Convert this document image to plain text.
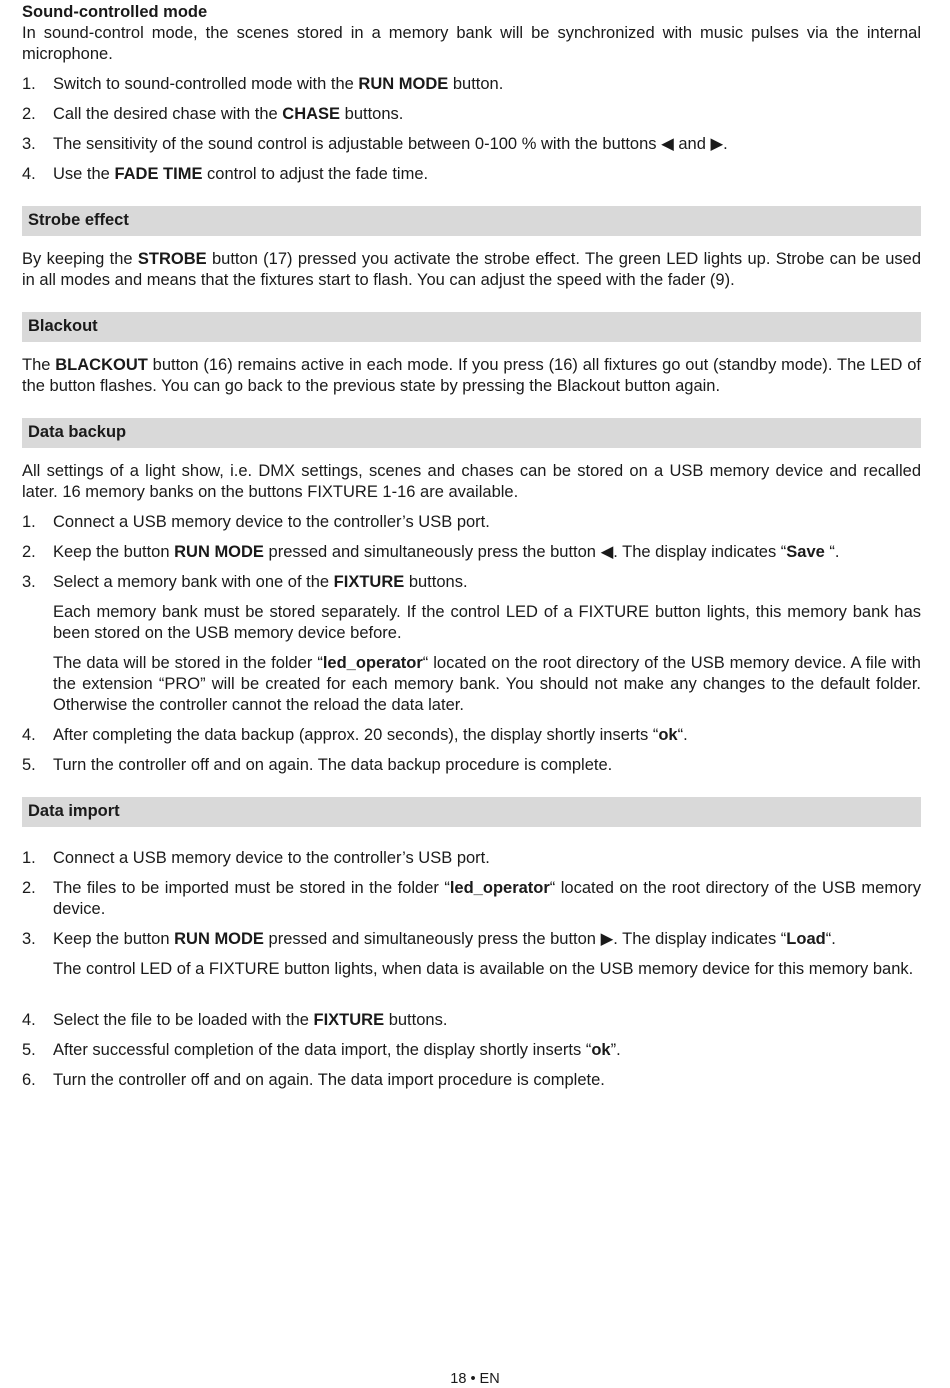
Sound-controlled mode
In sound-control mode, the scenes stored in a memory bank will be synchronized with music pulses via the internal microphone.
1.	Switch to sound-controlled mode with the RUN MODE button.
2.	Call the desired chase with the CHASE buttons.
3.	The sensitivity of the sound control is adjustable between 0-100 % with the buttons ◀ and ▶.
4.	Use the FADE TIME control to adjust the fade time.
Strobe effect
By keeping the STROBE button (17) pressed you activate the strobe effect. The green LED lights up. Strobe can be used in all modes and means that the fixtures start to flash. You can adjust the speed with the fader (9).
Blackout
The BLACKOUT button (16) remains active in each mode. If you press (16) all fixtures go out (standby mode). The LED of the button flashes. You can go back to the previous state by pressing the Blackout button again.
Data backup
All settings of a light show, i.e. DMX settings, scenes and chases can be stored on a USB memory device and recalled later. 16 memory banks on the buttons FIXTURE 1-16 are available.
1.	Connect a USB memory device to the controller’s USB port.
2.	Keep the button RUN MODE pressed and simultaneously press the button ◀. The display indicates “Save “.
3.	Select a memory bank with one of the FIXTURE buttons.
Each memory bank must be stored separately. If the control LED of a FIXTURE button lights, this memory bank has been stored on the USB memory device before.
The data will be stored in the folder “led_operator“ located on the root directory of the USB memory device. A file with the extension “PRO” will be created for each memory bank. You should not make any changes to the default folder. Otherwise the controller cannot the reload the data later.
4.	After completing the data backup (approx. 20 seconds), the display shortly inserts “ok“.
5.	Turn the controller off and on again. The data backup procedure is complete.
Data import
1.	Connect a USB memory device to the controller’s USB port.
2.	The files to be imported must be stored in the folder “led_operator“ located on the root directory of the USB memory device.
3.	Keep the button RUN MODE pressed and simultaneously press the button ▶. The display indicates “Load“.
The control LED of a FIXTURE button lights, when data is available on the USB memory device for this memory bank.
4.	Select the file to be loaded with the FIXTURE buttons.
5.	After successful completion of the data import, the display shortly inserts “ok”.
6.	Turn the controller off and on again. The data import procedure is complete.
18 • EN
